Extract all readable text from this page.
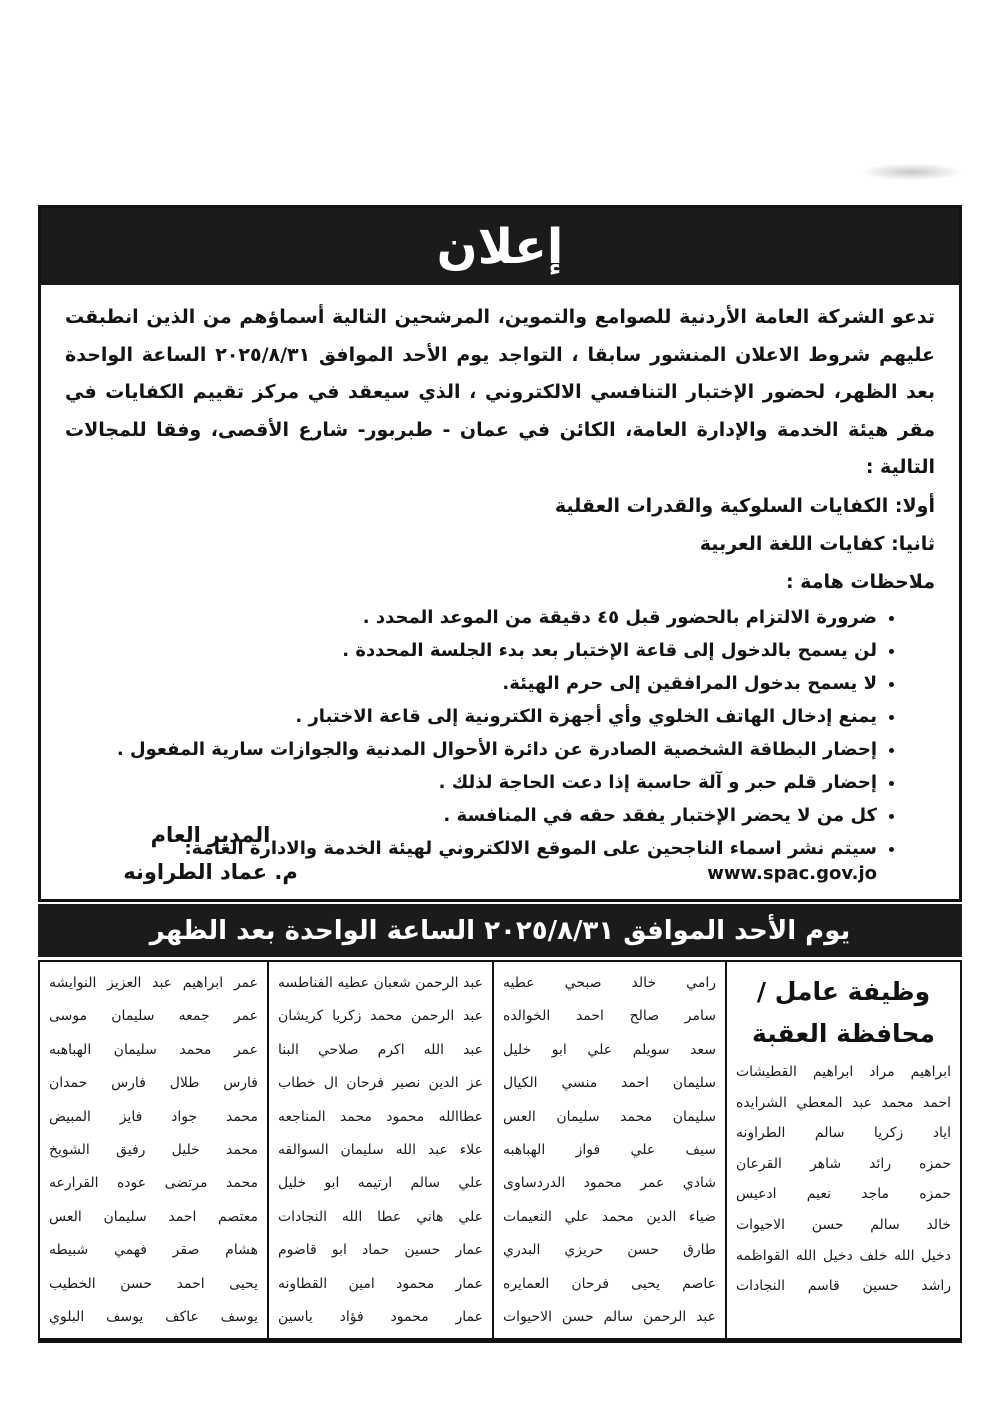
إعلان

تدعو الشركة العامة الأردنية للصوامع والتموين، المرشحين التالية أسماؤهم من الذين انطبقت عليهم شروط الاعلان المنشور سابقا ، التواجد يوم الأحد الموافق ٢٠٢٥/٨/٣١ الساعة الواحدة بعد الظهر، لحضور الإختبار التنافسي الالكتروني ، الذي سيعقد في مركز تقييم الكفايات في مقر هيئة الخدمة والإدارة العامة، الكائن في عمان - طبربور- شارع الأقصى، وفقا للمجالات التالية :

أولا: الكفايات السلوكية والقدرات العقلية

ثانيا: كفايات اللغة العربية

ملاحظات هامة :

• ضرورة الالتزام بالحضور قبل ٤٥ دقيقة من الموعد المحدد .
• لن يسمح بالدخول إلى قاعة الإختبار بعد بدء الجلسة المحددة .
• لا يسمح بدخول المرافقين إلى حرم الهيئة.
• يمنع إدخال الهاتف الخلوي وأي أجهزة الكترونية إلى قاعة الاختبار .
• إحضار البطاقة الشخصية الصادرة عن دائرة الأحوال المدنية والجوازات سارية المفعول .
• إحضار قلم حبر و آلة حاسبة إذا دعت الحاجة لذلك .
• كل من لا يحضر الإختبار يفقد حقه في المنافسة .
• سيتم نشر اسماء الناجحين على الموقع الالكتروني لهيئة الخدمة والادارة العامة: www.spac.gov.jo
المدير العام
م. عماد الطراونه
يوم الأحد الموافق ٢٠٢٥/٨/٣١ الساعة الواحدة بعد الظهر
وظيفة عامل /محافظة العقبة
ابراهيم مراد ابراهيم القطيشات
احمد محمد عبد المعطي الشرايده
اياد زكريا سالم الطراونه
حمزه رائد شاهر القرعان
حمزه ماجد نعيم ادعيس
خالد سالم حسن الاحيوات
دخيل الله خلف دخيل الله القواظمه
راشد حسين قاسم النجادات
رامي خالد صبحي عطيه
سامر صالح احمد الخوالده
سعد سويلم علي ابو خليل
سليمان احمد منسي الكيال
سليمان محمد سليمان العس
سيف علي فواز الهباهبه
شادي عمر محمود الدردساوى
ضياء الدين محمد علي النعيمات
طارق حسن حريزي البدري
عاصم يحيى فرحان العمايره
عبد الرحمن سالم حسن الاحيوات
عبد الرحمن شعبان عطيه الفناطسه
عبد الرحمن محمد زكريا كريشان
عبد الله اكرم صلاحي البنا
عز الدين نصير فرحان ال خطاب
عطاالله محمود محمد المناجعه
علاء عبد الله سليمان السوالقه
علي سالم ارتيمه ابو خليل
علي هاني عطا الله النجادات
عمار حسين حماد ابو قاضوم
عمار محمود امين القطاونه
عمار محمود فؤاد ياسين
عمر ابراهيم عبد العزيز النوايشه
عمر جمعه سليمان موسى
عمر محمد سليمان الهباهبه
فارس طلال فارس حمدان
محمد جواد فايز المبيض
محمد خليل رفيق الشويخ
محمد مرتضى عوده القرارعه
معتصم احمد سليمان العس
هشام صقر فهمي شبيطه
يحيى احمد حسن الخطيب
يوسف عاكف يوسف البلوي
